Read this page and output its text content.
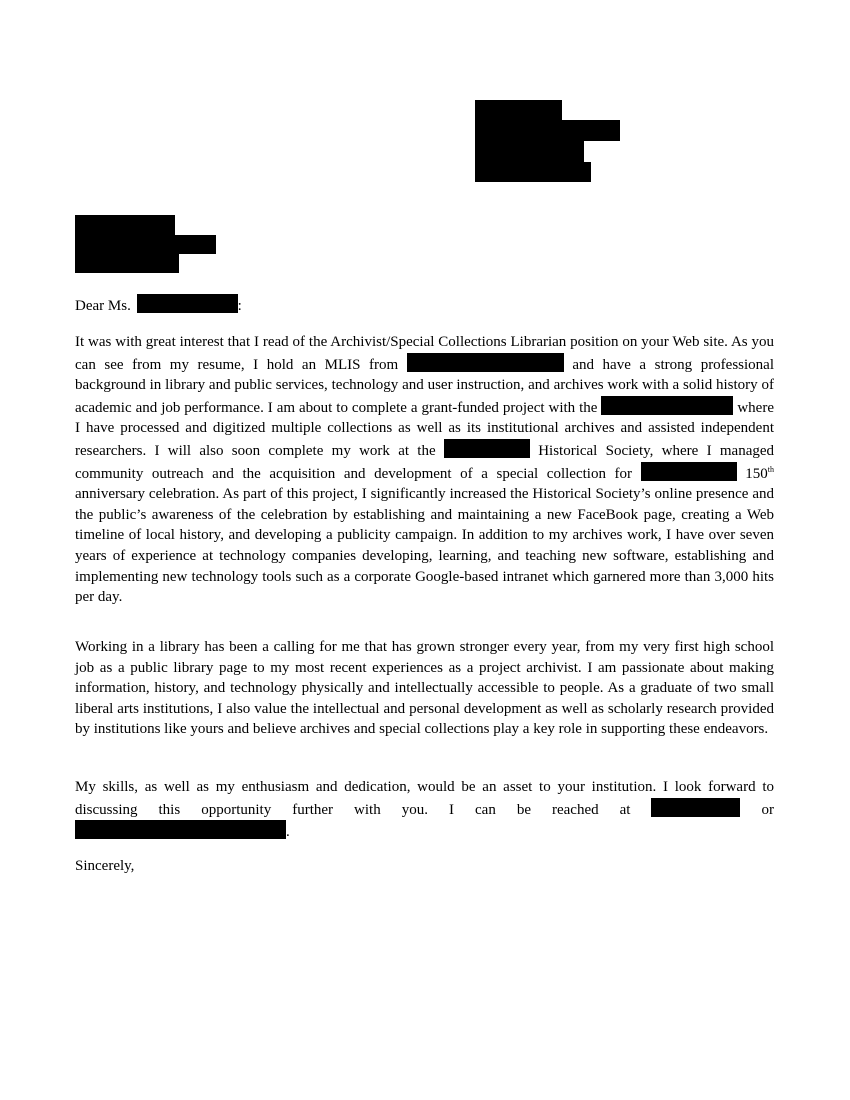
Dear Ms.	:

It was with great interest that I read of the Archivist/Special Collections Librarian position on your Web site. As you can see from my resume, I hold an MLIS from	and have a strong professional background in library and public services, technology and user instruction, and archives work with a solid history of academic and job performance. I am about to complete a grant-funded project with the	where I have processed and digitized multiple collections as well as its institutional archives and assisted independent researchers. I will also soon complete my work at the	Historical Society, where I managed community outreach and the acquisition and development of a special collection for	150th anniversary celebration. As part of this project, I significantly increased the Historical Society’s online presence and the public’s awareness of the celebration by establishing and maintaining a new FaceBook page, creating a Web timeline of local history, and developing a publicity campaign. In addition to my archives work, I have over seven years of experience at technology companies developing, learning, and teaching new software, establishing and implementing new technology tools such as a corporate Google-based intranet which garnered more than 3,000 hits per day.

Working in a library has been a calling for me that has grown stronger every year, from my very first high school job as a public library page to my most recent experiences as a project archivist. I am passionate about making information, history, and technology physically and intellectually accessible to people. As a graduate of two small liberal arts institutions, I also value the intellectual and personal development as well as scholarly research provided by institutions like yours and believe archives and special collections play a key role in supporting these endeavors.

My skills, as well as my enthusiasm and dedication, would be an asset to your institution. I look forward to discussing this opportunity further with you. I can be reached at	or .

Sincerely,
